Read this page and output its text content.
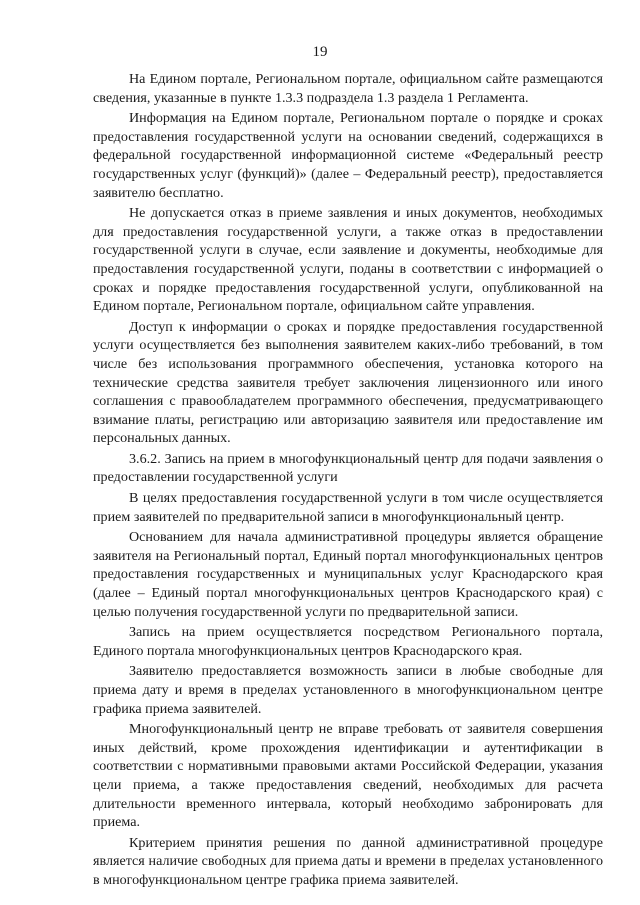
19

На Едином портале, Региональном портале, официальном сайте размещаются сведения, указанные в пункте 1.3.3 подраздела 1.3 раздела 1 Регламента.

Информация на Едином портале, Региональном портале о порядке и сроках предоставления государственной услуги на основании сведений, содержащихся в федеральной государственной информационной системе «Федеральный реестр государственных услуг (функций)» (далее – Федеральный реестр), предоставляется заявителю бесплатно.

Не допускается отказ в приеме заявления и иных документов, необходимых для предоставления государственной услуги, а также отказ в предоставлении государственной услуги в случае, если заявление и документы, необходимые для предоставления государственной услуги, поданы в соответствии с информацией о сроках и порядке предоставления государственной услуги, опубликованной на Едином портале, Региональном портале, официальном сайте управления.

Доступ к информации о сроках и порядке предоставления государственной услуги осуществляется без выполнения заявителем каких-либо требований, в том числе без использования программного обеспечения, установка которого на технические средства заявителя требует заключения лицензионного или иного соглашения с правообладателем программного обеспечения, предусматривающего взимание платы, регистрацию или авторизацию заявителя или предоставление им персональных данных.

3.6.2. Запись на прием в многофункциональный центр для подачи заявления о предоставлении государственной услуги

В целях предоставления государственной услуги в том числе осуществляется прием заявителей по предварительной записи в многофункциональный центр.

Основанием для начала административной процедуры является обращение заявителя на Региональный портал, Единый портал многофункциональных центров предоставления государственных и муниципальных услуг Краснодарского края (далее – Единый портал многофункциональных центров Краснодарского края) с целью получения государственной услуги по предварительной записи.

Запись на прием осуществляется посредством Регионального портала, Единого портала многофункциональных центров Краснодарского края.

Заявителю предоставляется возможность записи в любые свободные для приема дату и время в пределах установленного в многофункциональном центре графика приема заявителей.

Многофункциональный центр не вправе требовать от заявителя совершения иных действий, кроме прохождения идентификации и аутентификации в соответствии с нормативными правовыми актами Российской Федерации, указания цели приема, а также предоставления сведений, необходимых для расчета длительности временного интервала, который необходимо забронировать для приема.

Критерием принятия решения по данной административной процедуре является наличие свободных для приема даты и времени в пределах установленного в многофункциональном центре графика приема заявителей.
